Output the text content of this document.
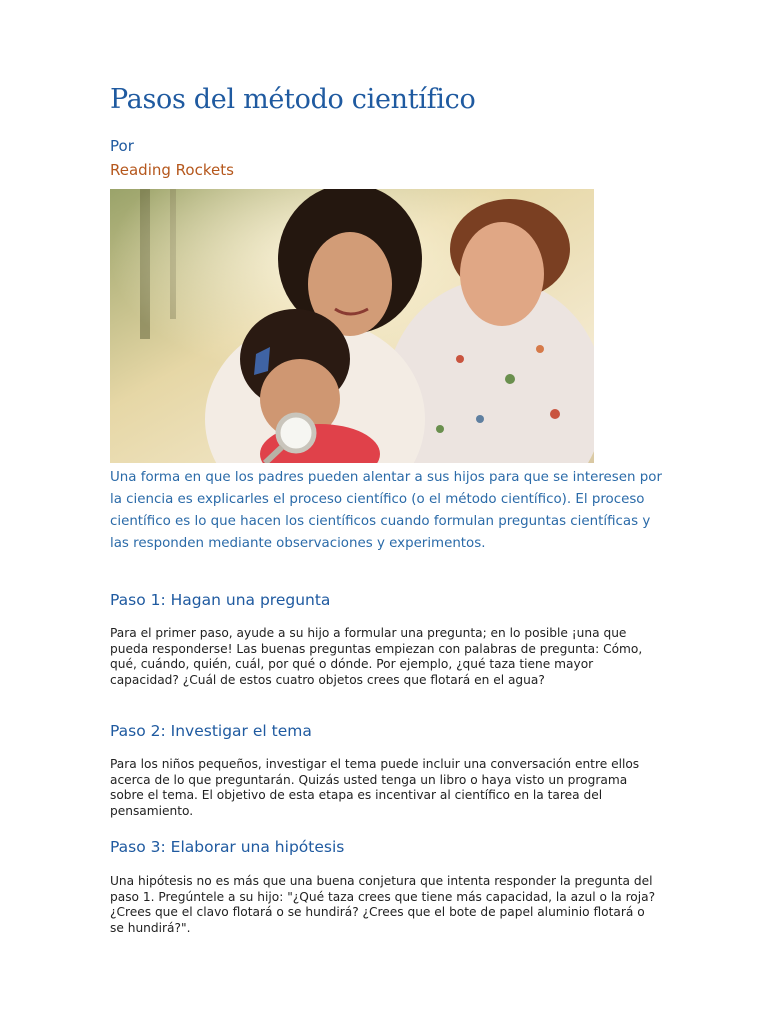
Pasos del método científico
Por
Reading Rockets

Una forma en que los padres pueden alentar a sus hijos para que se interesen por la ciencia es explicarles el proceso científico (o el método científico). El proceso científico es lo que hacen los científicos cuando formulan preguntas científicas y las responden mediante observaciones y experimentos.

Paso 1: Hagan una pregunta

Para el primer paso, ayude a su hijo a formular una pregunta; en lo posible ¡una que pueda responderse! Las buenas preguntas empiezan con palabras de pregunta: Cómo, qué, cuándo, quién, cuál, por qué o dónde. Por ejemplo, ¿qué taza tiene mayor capacidad? ¿Cuál de estos cuatro objetos crees que flotará en el agua?

Paso 2: Investigar el tema

Para los niños pequeños, investigar el tema puede incluir una conversación entre ellos acerca de lo que preguntarán. Quizás usted tenga un libro o haya visto un programa sobre el tema. El objetivo de esta etapa es incentivar al científico en la tarea del pensamiento.

Paso 3: Elaborar una hipótesis

Una hipótesis no es más que una buena conjetura que intenta responder la pregunta del paso 1. Pregúntele a su hijo: "¿Qué taza crees que tiene más capacidad, la azul o la roja? ¿Crees que el clavo flotará o se hundirá? ¿Crees que el bote de papel aluminio flotará o se hundirá?".
